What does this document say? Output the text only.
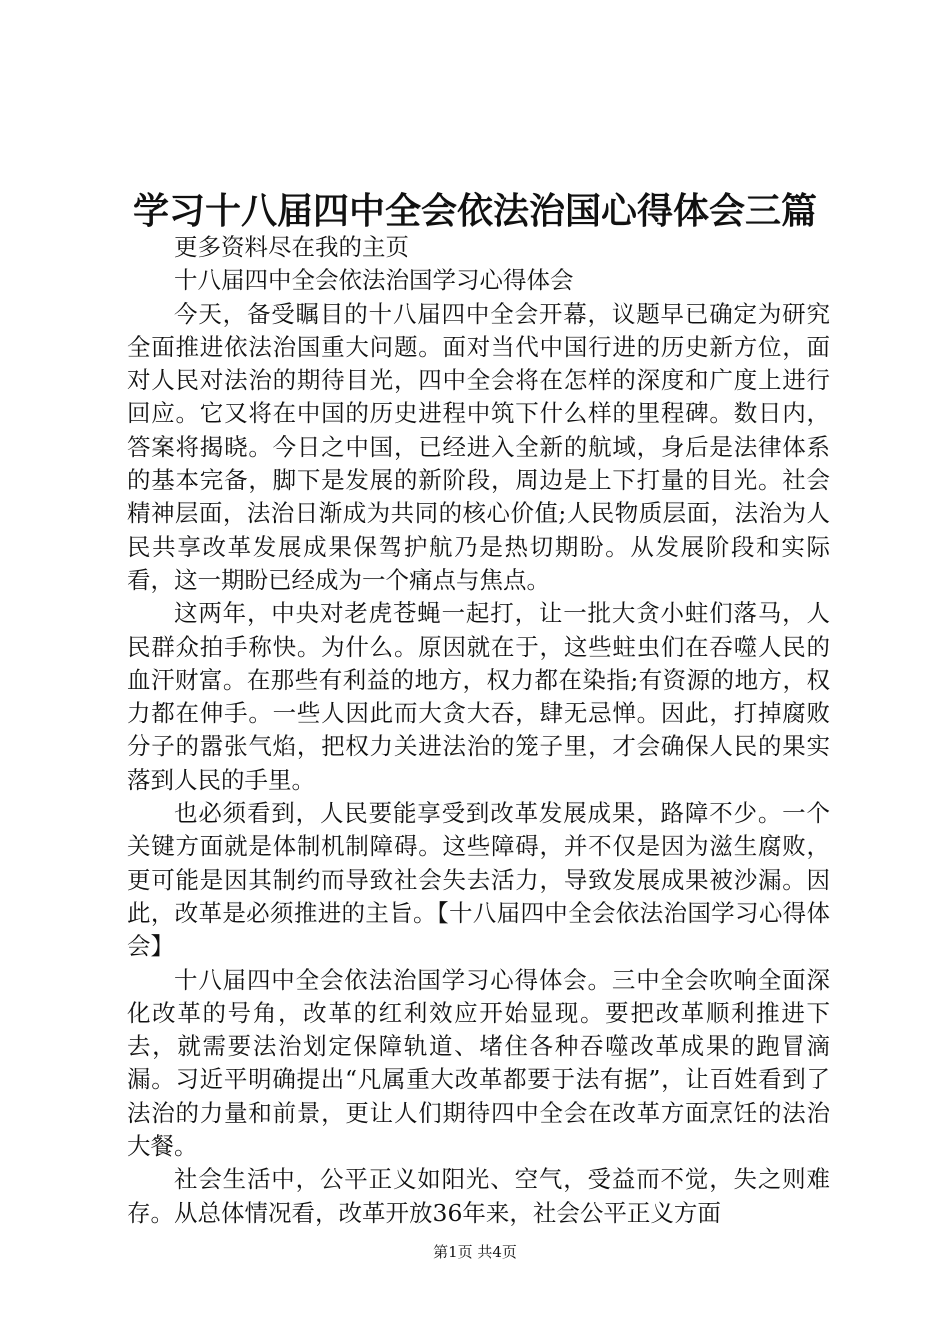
学习十八届四中全会依法治国心得体会三篇

更多资料尽在我的主页

十八届四中全会依法治国学习心得体会

今天，备受瞩目的十八届四中全会开幕，议题早已确定为研究全面推进依法治国重大问题。面对当代中国行进的历史新方位，面对人民对法治的期待目光，四中全会将在怎样的深度和广度上进行回应。它又将在中国的历史进程中筑下什么样的里程碑。数日内，答案将揭晓。今日之中国，已经进入全新的航域，身后是法律体系的基本完备，脚下是发展的新阶段，周边是上下打量的目光。社会精神层面，法治日渐成为共同的核心价值;人民物质层面，法治为人民共享改革发展成果保驾护航乃是热切期盼。从发展阶段和实际看，这一期盼已经成为一个痛点与焦点。

这两年，中央对老虎苍蝇一起打，让一批大贪小蛀们落马，人民群众拍手称快。为什么。原因就在于，这些蛀虫们在吞噬人民的血汗财富。在那些有利益的地方，权力都在染指;有资源的地方，权力都在伸手。一些人因此而大贪大吞，肆无忌惮。因此，打掉腐败分子的嚣张气焰，把权力关进法治的笼子里，才会确保人民的果实落到人民的手里。

也必须看到，人民要能享受到改革发展成果，路障不少。一个关键方面就是体制机制障碍。这些障碍，并不仅是因为滋生腐败，更可能是因其制约而导致社会失去活力，导致发展成果被沙漏。因此，改革是必须推进的主旨。【十八届四中全会依法治国学习心得体会】

十八届四中全会依法治国学习心得体会。三中全会吹响全面深化改革的号角，改革的红利效应开始显现。要把改革顺利推进下去，就需要法治划定保障轨道、堵住各种吞噬改革成果的跑冒滴漏。习近平明确提出“凡属重大改革都要于法有据”，让百姓看到了法治的力量和前景，更让人们期待四中全会在改革方面烹饪的法治大餐。

社会生活中，公平正义如阳光、空气，受益而不觉，失之则难存。从总体情况看，改革开放36年来，社会公平正义方面

第1页 共4页
